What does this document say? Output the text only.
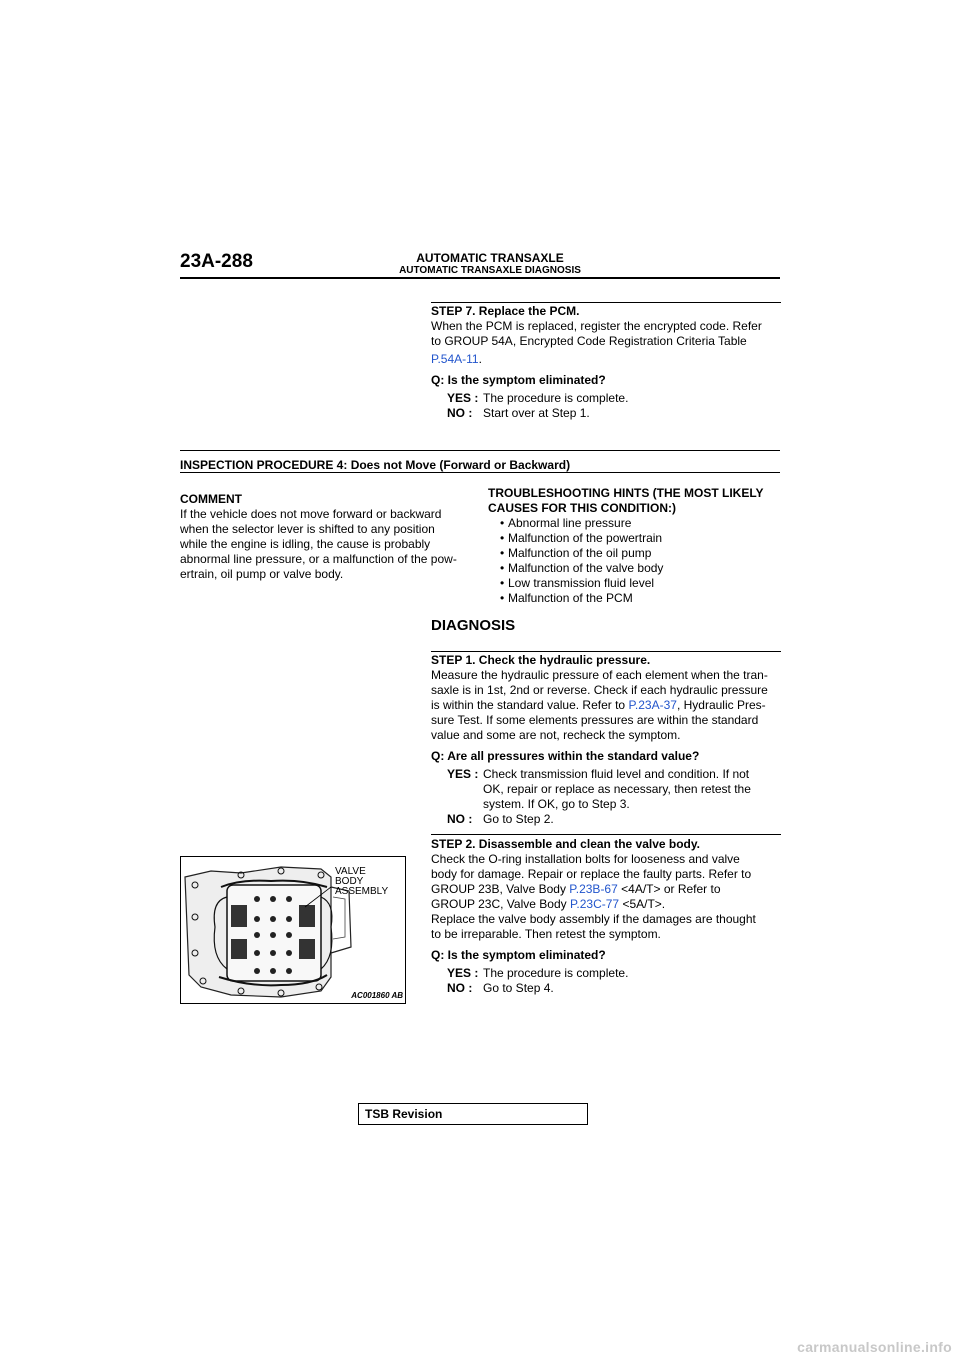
23A-288	AUTOMATIC TRANSAXLE
AUTOMATIC TRANSAXLE DIAGNOSIS
STEP 7. Replace the PCM.
When the PCM is replaced, register the encrypted code. Refer
to GROUP 54A, Encrypted Code Registration Criteria Table
P.54A-11.
Q: Is the symptom eliminated?
YES : The procedure is complete.
NO : Start over at Step 1.
INSPECTION PROCEDURE 4: Does not Move (Forward or Backward)
COMMENT
If the vehicle does not move forward or backward
when the selector lever is shifted to any position
while the engine is idling, the cause is probably
abnormal line pressure, or a malfunction of the pow-
ertrain, oil pump or valve body.
TROUBLESHOOTING HINTS (THE MOST LIKELY
CAUSES FOR THIS CONDITION:)
• Abnormal line pressure
• Malfunction of the powertrain
• Malfunction of the oil pump
• Malfunction of the valve body
• Low transmission fluid level
• Malfunction of the PCM
DIAGNOSIS
STEP 1. Check the hydraulic pressure.
Measure the hydraulic pressure of each element when the tran-
saxle is in 1st, 2nd or reverse. Check if each hydraulic pressure
is within the standard value. Refer to P.23A-37, Hydraulic Pres-
sure Test. If some elements pressures are within the standard
value and some are not, recheck the symptom.
Q: Are all pressures within the standard value?
YES : Check transmission fluid level and condition. If not OK, repair or replace as necessary, then retest the system. If OK, go to Step 3.
NO : Go to Step 2.
STEP 2. Disassemble and clean the valve body.
Check the O-ring installation bolts for looseness and valve
body for damage. Repair or replace the faulty parts. Refer to
GROUP 23B, Valve Body P.23B-67 <4A/T> or Refer to
GROUP 23C, Valve Body P.23C-77 <5A/T>.
Replace the valve body assembly if the damages are thought
to be irreparable. Then retest the symptom.
Q: Is the symptom eliminated?
YES : The procedure is complete.
NO : Go to Step 4.
VALVE
BODY
ASSEMBLY
AC001860 AB
TSB Revision
carmanualsonline.info
